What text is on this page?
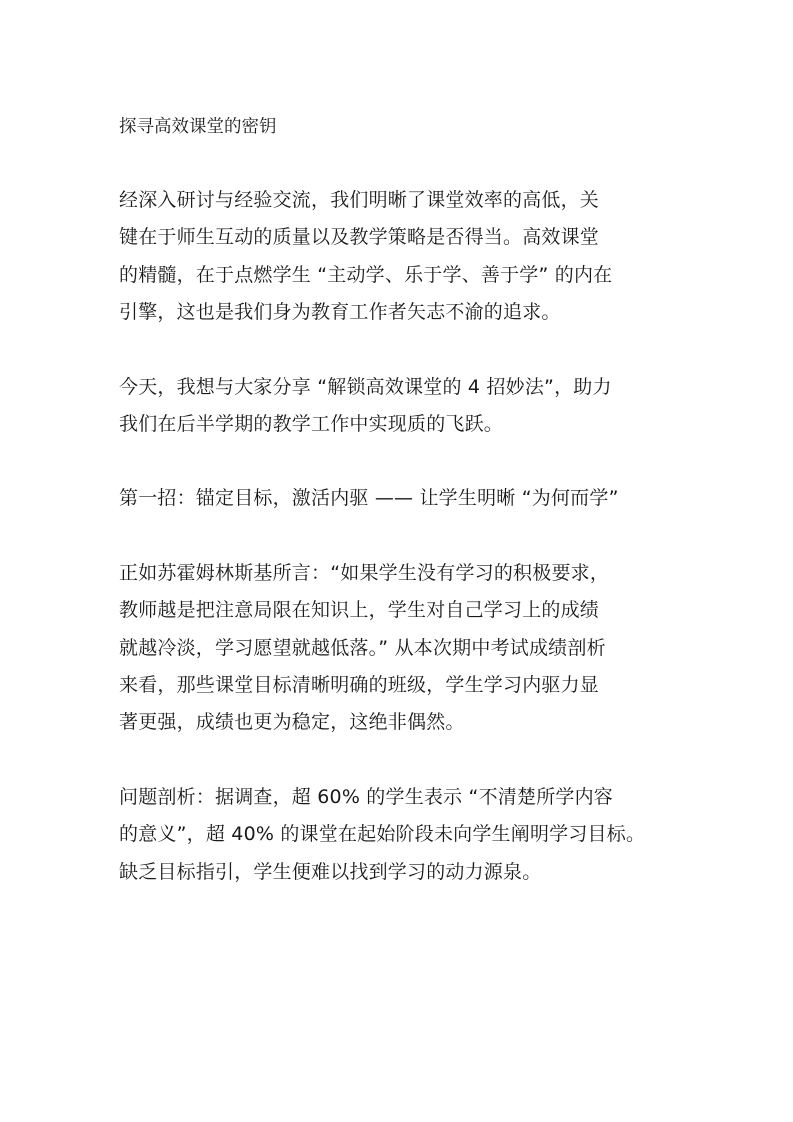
探寻高效课堂的密钥
经深入研讨与经验交流，我们明晰了课堂效率的高低，关
键在于师生互动的质量以及教学策略是否得当。高效课堂
的精髓，在于点燃学生 “主动学、乐于学、善于学” 的内在
引擎，这也是我们身为教育工作者矢志不渝的追求。
今天，我想与大家分享 “解锁高效课堂的 4 招妙法”，助力
我们在后半学期的教学工作中实现质的飞跃。
第一招：锚定目标，激活内驱 —— 让学生明晰 “为何而学”
正如苏霍姆林斯基所言：“如果学生没有学习的积极要求，
教师越是把注意局限在知识上，学生对自己学习上的成绩
就越冷淡，学习愿望就越低落。” 从本次期中考试成绩剖析
来看，那些课堂目标清晰明确的班级，学生学习内驱力显
著更强，成绩也更为稳定，这绝非偶然。
问题剖析：据调查，超 60% 的学生表示 “不清楚所学内容
的意义”，超 40% 的课堂在起始阶段未向学生阐明学习目标。
缺乏目标指引，学生便难以找到学习的动力源泉。
